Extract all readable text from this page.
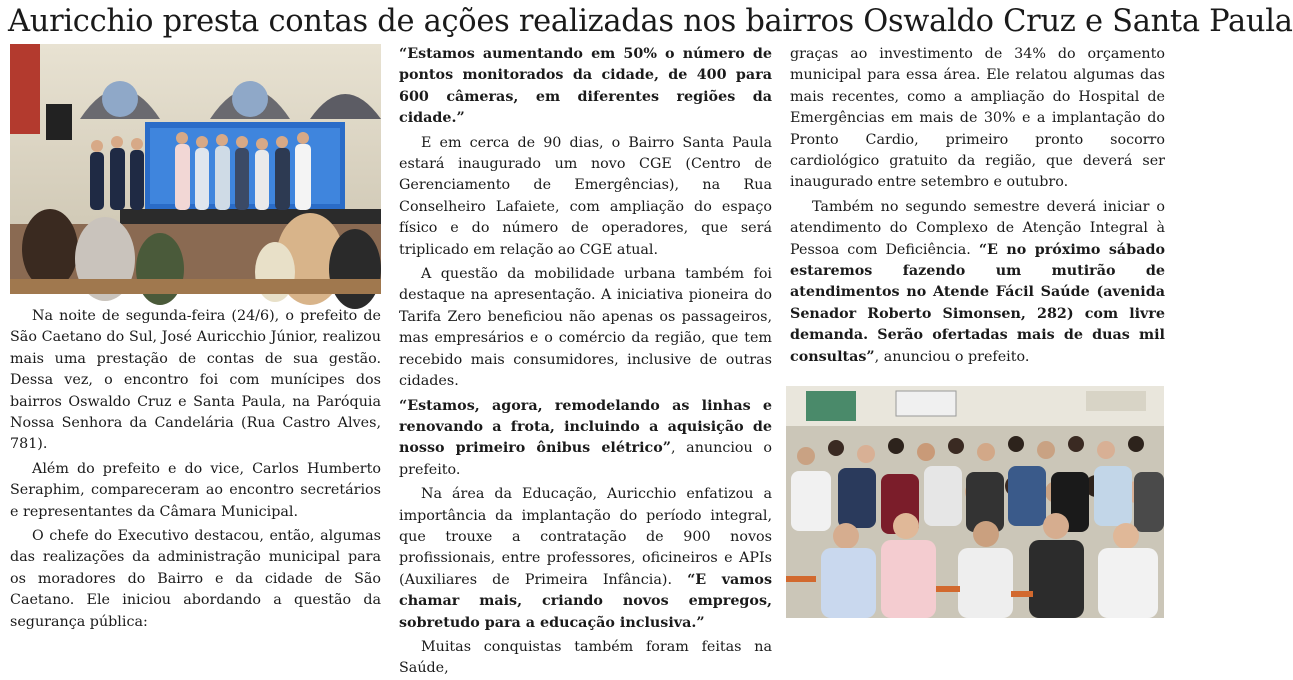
Auricchio presta contas de ações realizadas nos bairros Oswaldo Cruz e Santa Paula

Na noite de segunda-feira (24/6), o prefeito de São Caetano do Sul, José Auricchio Júnior, realizou mais uma prestação de contas de sua gestão. Dessa vez, o encontro foi com munícipes dos bairros Oswaldo Cruz e Santa Paula, na Paróquia Nossa Senhora da Candelária (Rua Castro Alves, 781).

Além do prefeito e do vice, Carlos Humberto Seraphim, compareceram ao encontro secretários e representantes da Câmara Municipal.

O chefe do Executivo destacou, então, algumas das realizações da administração municipal para os moradores do Bairro e da cidade de São Caetano. Ele iniciou abordando a questão da segurança pública:

“Estamos aumentando em 50% o número de pontos monitorados da cidade, de 400 para 600 câmeras, em diferentes regiões da cidade.”

E em cerca de 90 dias, o Bairro Santa Paula estará inaugurado um novo CGE (Centro de Gerenciamento de Emergências), na Rua Conselheiro Lafaiete, com ampliação do espaço físico e do número de operadores, que será triplicado em relação ao CGE atual.

A questão da mobilidade urbana também foi destaque na apresentação. A iniciativa pioneira do Tarifa Zero beneficiou não apenas os passageiros, mas empresários e o comércio da região, que tem recebido mais consumidores, inclusive de outras cidades.

“Estamos, agora, remodelando as linhas e renovando a frota, incluindo a aquisição de nosso primeiro ônibus elétrico”, anunciou o prefeito.

Na área da Educação, Auricchio enfatizou a importância da implantação do período integral, que trouxe a contratação de 900 novos profissionais, entre professores, oficineiros e APIs (Auxiliares de Primeira Infância). “E vamos chamar mais, criando novos empregos, sobretudo para a educação inclusiva.”

Muitas conquistas também foram feitas na Saúde,

graças ao investimento de 34% do orçamento municipal para essa área. Ele relatou algumas das mais recentes, como a ampliação do Hospital de Emergências em mais de 30% e a implantação do Pronto Cardio, primeiro pronto socorro cardiológico gratuito da região, que deverá ser inaugurado entre setembro e outubro.

Também no segundo semestre deverá iniciar o atendimento do Complexo de Atenção Integral à Pessoa com Deficiência. “E no próximo sábado estaremos fazendo um mutirão de atendimentos no Atende Fácil Saúde (avenida Senador Roberto Simonsen, 282) com livre demanda. Serão ofertadas mais de duas mil consultas”, anunciou o prefeito.
